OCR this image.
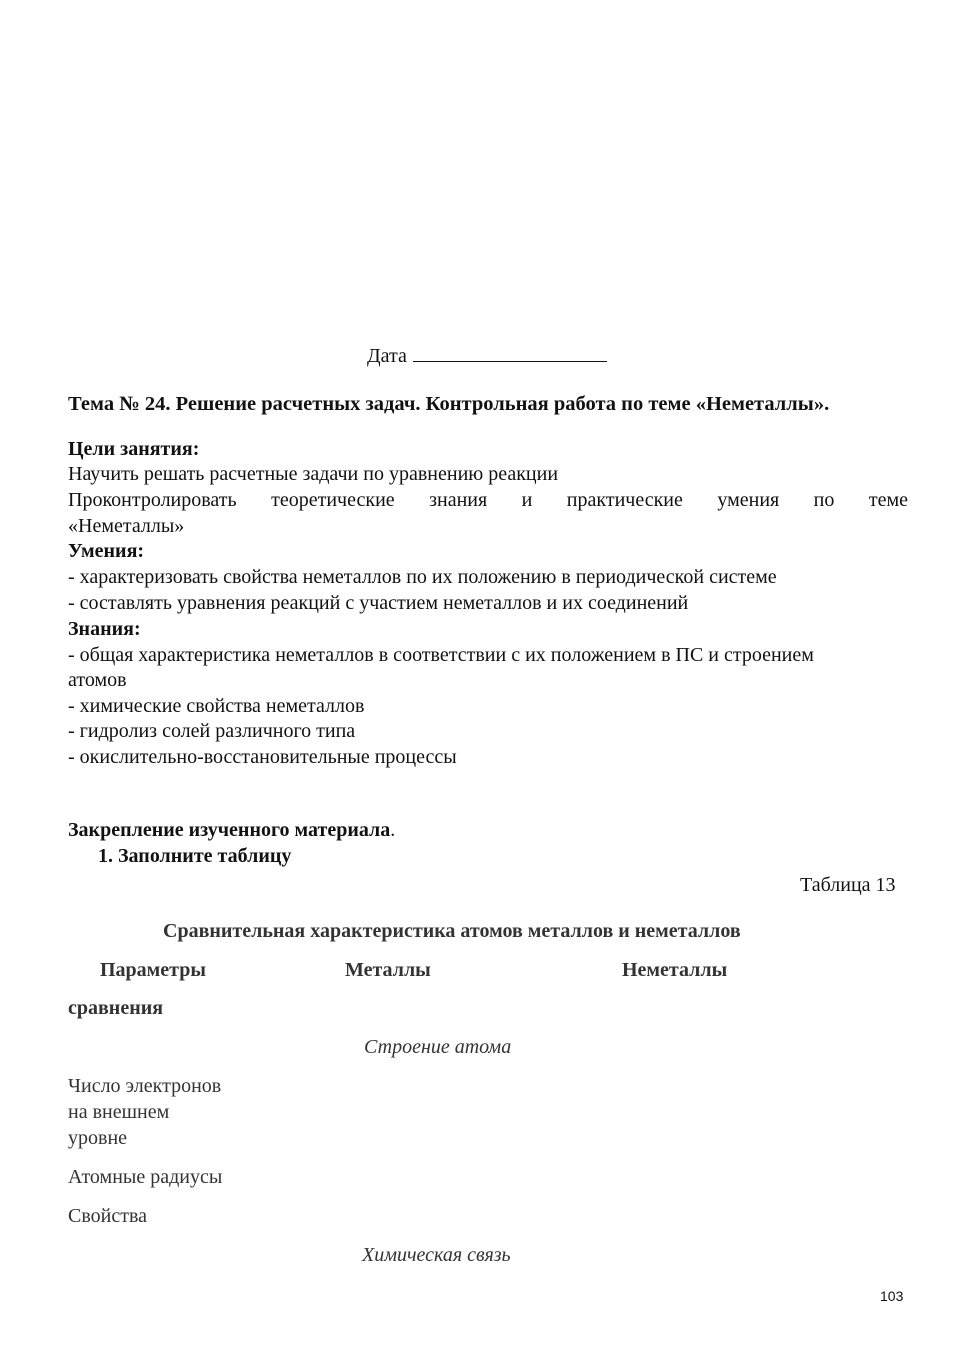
Дата
Тема № 24. Решение расчетных задач. Контрольная работа по теме «Неметаллы».
Цели занятия:
Научить решать расчетные задачи по уравнению реакции
Проконтролировать теоретические знания и практические умения по теме
«Неметаллы»
Умения:
- характеризовать свойства неметаллов по их положению в периодической системе
- составлять уравнения реакций с участием неметаллов и их соединений
Знания:
- общая характеристика неметаллов в соответствии с их положением в ПС и строением
атомов
- химические свойства неметаллов
- гидролиз солей различного типа
- окислительно-восстановительные процессы
Закрепление изученного материала.
1. Заполните таблицу
Таблица 13
Сравнительная характеристика атомов металлов и неметаллов
Параметры	Металлы	Неметаллы
сравнения
Строение атома
Число электронов
на внешнем
уровне
Атомные радиусы
Свойства
Химическая связь
103
